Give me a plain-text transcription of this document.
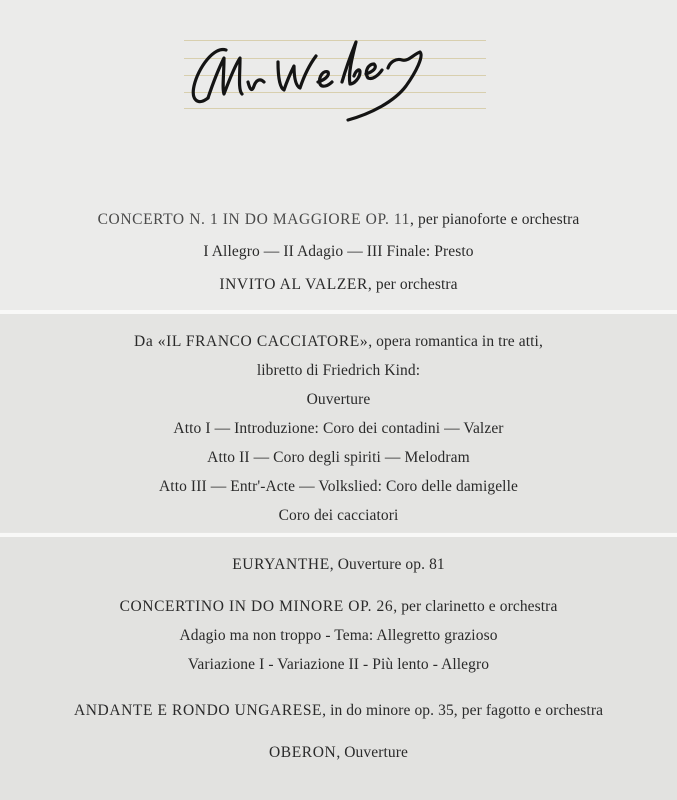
CONCERTO N. 1 IN DO MAGGIORE OP. 11, per pianoforte e orchestra
I Allegro — II Adagio — III Finale: Presto
INVITO AL VALZER, per orchestra
Da «IL FRANCO CACCIATORE», opera romantica in tre atti,
libretto di Friedrich Kind:
Ouverture
Atto I — Introduzione: Coro dei contadini — Valzer
Atto II — Coro degli spiriti — Melodram
Atto III — Entr'-Acte — Volkslied: Coro delle damigelle
Coro dei cacciatori
EURYANTHE, Ouverture op. 81
CONCERTINO IN DO MINORE OP. 26, per clarinetto e orchestra
Adagio ma non troppo - Tema: Allegretto grazioso
Variazione I - Variazione II - Più lento - Allegro
ANDANTE E RONDO UNGARESE, in do minore op. 35, per fagotto e orchestra
OBERON, Ouverture
